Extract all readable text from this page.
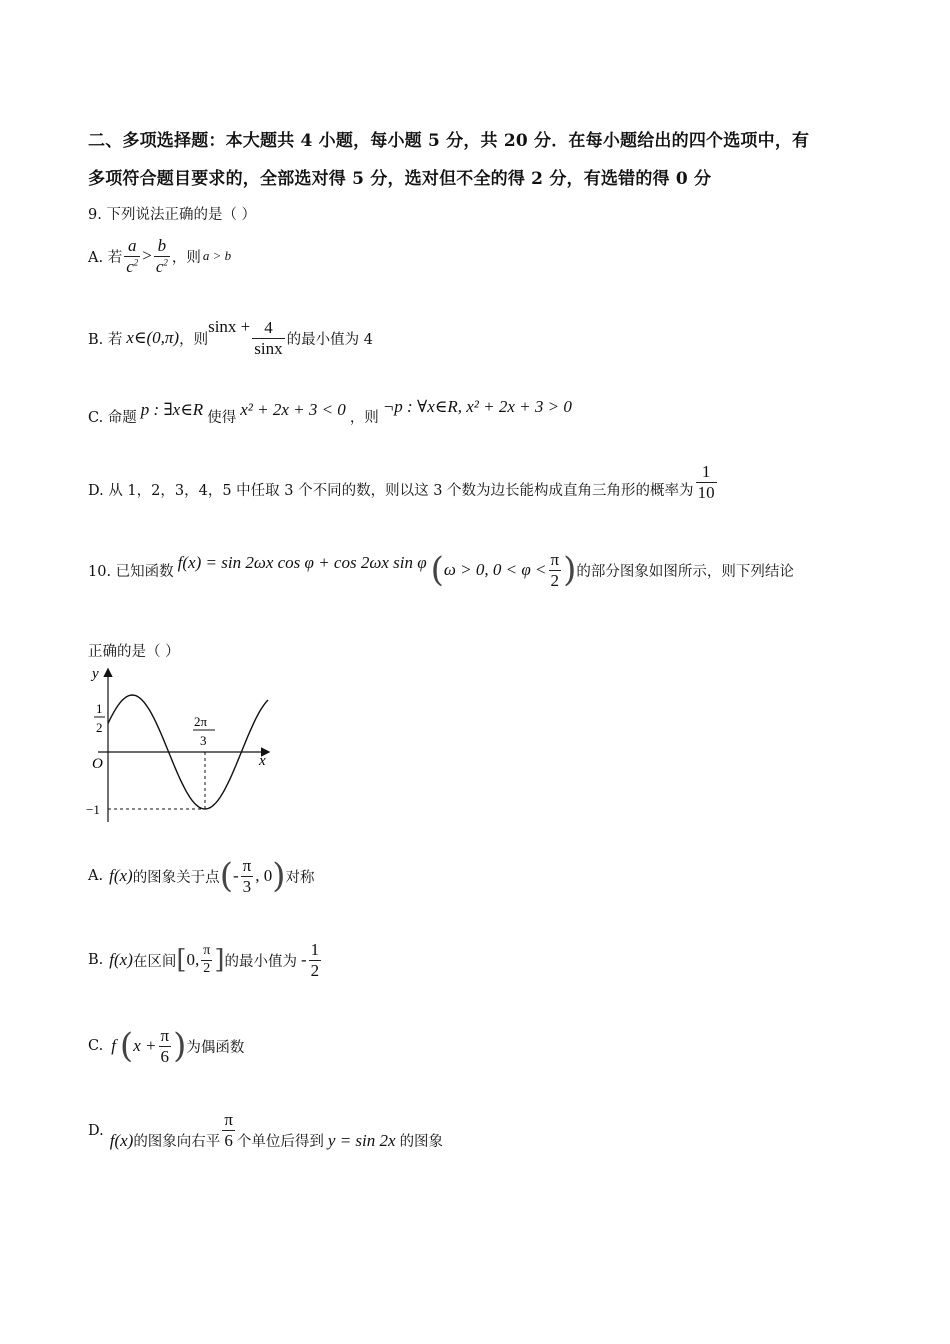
二、多项选择题：本大题共 4 小题，每小题 5 分，共 20 分．在每小题给出的四个选项中，有
多项符合题目要求的，全部选对得 5 分，选对但不全的得 2 分，有选错的得 0 分
9. 下列说法正确的是（ ）
A. 若 $\frac{a}{c^2} > \frac{b}{c^2}$ ，则 a > b
B. 若 x∈(0,π) ，则
$\sin x + \frac{4}{\sin x}$ 的最小值为 4
C. 命题 p : ∃x∈R 使得 x² + 2x + 3 < 0 ，则
¬p : ∀x∈R, x² + 2x + 3 > 0
D. 从 1，2，3，4，5 中任取 3 个不同的数，则以这 3 个数为边长能构成直角三角形的概率为 $\frac{1}{10}$
10. 已知函数 f(x) = sin 2ωx cos φ + cos 2ωx sin φ ( ω > 0, $0 < \varphi < \frac{\pi}{2}$ ) 的部分图象如图所示，则下列结论
正确的是（ ）
y
x
O
1
2	2π
3
−1
A. f(x) 的图象关于点 ( - $\frac{\pi}{3}$ , 0 ) 对称
B. f(x) 在区间 [ 0, $\frac{\pi}{2}$ ] 的最小值为 - $\frac{1}{2}$
C. f ( $x + \frac{\pi}{6}$ ) 为偶函数
D. f(x) 的图象向右平 $\frac{\pi}{6}$ 个单位后得到 y = sin 2x 的图象
